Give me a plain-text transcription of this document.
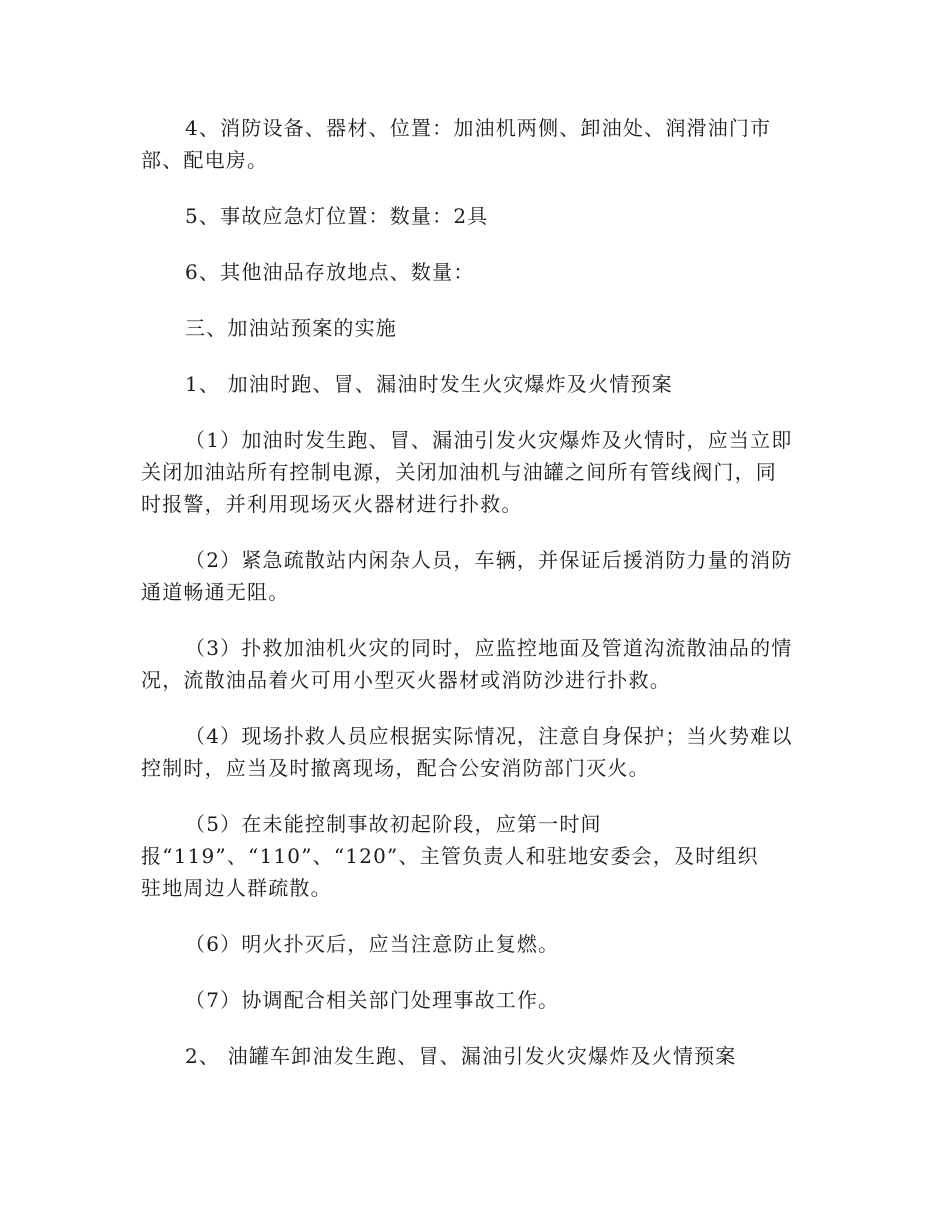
4、消防设备、器材、位置：加油机两侧、卸油处、润滑油门市
部、配电房。

5、事故应急灯位置：数量：2具

6、其他油品存放地点、数量：

三、加油站预案的实施

1、 加油时跑、冒、漏油时发生火灾爆炸及火情预案

（1）加油时发生跑、冒、漏油引发火灾爆炸及火情时，应当立即
关闭加油站所有控制电源，关闭加油机与油罐之间所有管线阀门，同
时报警，并利用现场灭火器材进行扑救。

（2）紧急疏散站内闲杂人员，车辆，并保证后援消防力量的消防
通道畅通无阻。

（3）扑救加油机火灾的同时，应监控地面及管道沟流散油品的情
况，流散油品着火可用小型灭火器材或消防沙进行扑救。

（4）现场扑救人员应根据实际情况，注意自身保护；当火势难以
控制时，应当及时撤离现场，配合公安消防部门灭火。

（5）在未能控制事故初起阶段，应第一时间
报“119”、“110”、“120”、主管负责人和驻地安委会，及时组织
驻地周边人群疏散。

（6）明火扑灭后，应当注意防止复燃。

（7）协调配合相关部门处理事故工作。

2、 油罐车卸油发生跑、冒、漏油引发火灾爆炸及火情预案
